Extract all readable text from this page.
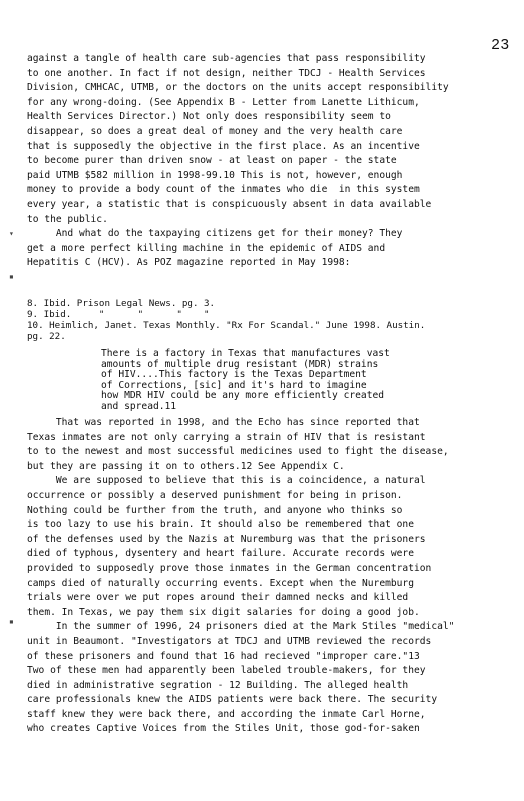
23
against a tangle of health care sub-agencies that pass responsibility
to one another. In fact if not design, neither TDCJ - Health Services
Division, CMHCAC, UTMB, or the doctors on the units accept responsibility
for any wrong-doing. (See Appendix B - Letter from Lanette Lithicum,
Health Services Director.) Not only does responsibility seem to
disappear, so does a great deal of money and the very health care
that is supposedly the objective in the first place. As an incentive
to become purer than driven snow - at least on paper - the state
paid UTMB $582 million in 1998-99.10 This is not, however, enough
money to provide a body count of the inmates who die  in this system
every year, a statistic that is conspicuously absent in data available
to the public.
And what do the taxpaying citizens get for their money? They
get a more perfect killing machine in the epidemic of AIDS and
Hepatitis C (HCV). As POZ magazine reported in May 1998:
▾
▪
8. Ibid. Prison Legal News. pg. 3.
9. Ibid.     "      "      "    "
10. Heimlich, Janet. Texas Monthly. "Rx For Scandal." June 1998. Austin.
pg. 22.
There is a factory in Texas that manufactures vast
amounts of multiple drug resistant (MDR) strains
of HIV....This factory is the Texas Department
of Corrections, [sic] and it's hard to imagine
how MDR HIV could be any more efficiently created
and spread.11
That was reported in 1998, and the Echo has since reported that
Texas inmates are not only carrying a strain of HIV that is resistant
to to the newest and most successful medicines used to fight the disease,
but they are passing it on to others.12 See Appendix C.
We are supposed to believe that this is a coincidence, a natural
occurrence or possibly a deserved punishment for being in prison.
Nothing could be further from the truth, and anyone who thinks so
is too lazy to use his brain. It should also be remembered that one
of the defenses used by the Nazis at Nuremburg was that the prisoners
died of typhous, dysentery and heart failure. Accurate records were
provided to supposedly prove those inmates in the German concentration
camps died of naturally occurring events. Except when the Nuremburg
trials were over we put ropes around their damned necks and killed
them. In Texas, we pay them six digit salaries for doing a good job.
In the summer of 1996, 24 prisoners died at the Mark Stiles "medical"
unit in Beaumont. "Investigators at TDCJ and UTMB reviewed the records
of these prisoners and found that 16 had recieved "improper care."13
Two of these men had apparently been labeled trouble-makers, for they
died in administrative segration - 12 Building. The alleged health
care professionals knew the AIDS patients were back there. The security
staff knew they were back there, and according the inmate Carl Horne,
who creates Captive Voices from the Stiles Unit, those god-for-saken
▪
